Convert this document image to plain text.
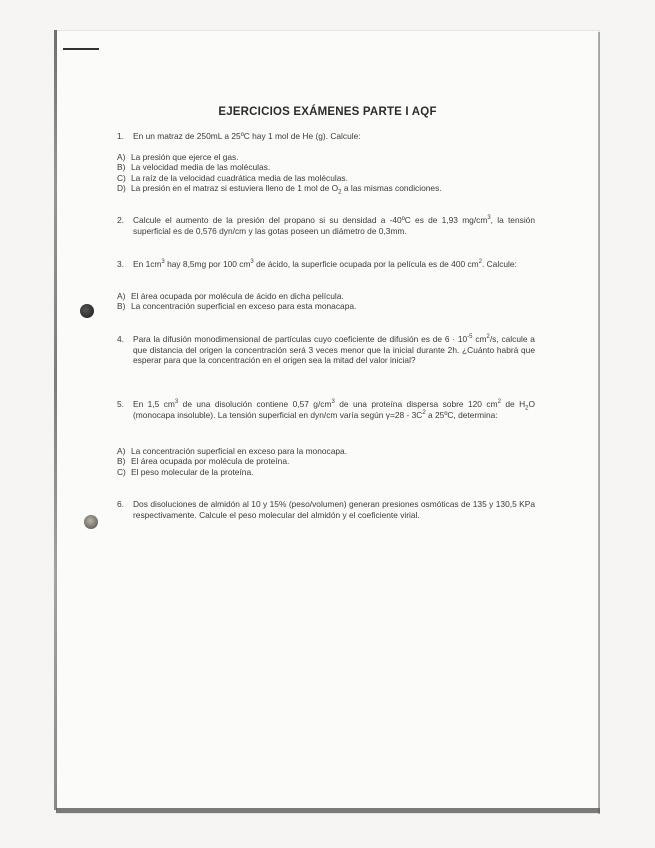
EJERCICIOS EXÁMENES PARTE I AQF
1. En un matraz de 250mL a 25ºC hay 1 mol de He (g). Calcule:
A) La presión que ejerce el gas.
B) La velocidad media de las moléculas.
C) La raíz de la velocidad cuadrática media de las moléculas.
D) La presión en el matraz si estuviera lleno de 1 mol de $O_2$ a las mismas condiciones.
2. Calcule el aumento de la presión del propano si su densidad a -40ºC es de 1,93 $mg/cm^3$, la tensión superficial es de 0,576 dyn/cm y las gotas poseen un diámetro de 0,3mm.
3. En $1cm^3$ hay 8,5mg por 100 $cm^3$ de ácido, la superficie ocupada por la película es de 400 $cm^2$. Calcule:
A) El área ocupada por molécula de ácido en dicha película.
B) La concentración superficial en exceso para esta monacapa.
4. Para la difusión monodimensional de partículas cuyo coeficiente de difusión es de $6 \cdot 10^{-5}$ $cm^2/s$, calcule a que distancia del origen la concentración será 3 veces menor que la inicial durante 2h. ¿Cuánto habrá que esperar para que la concentración en el origen sea la mitad del valor inicial?
5. En 1,5 $cm^3$ de una disolución contiene 0,57 $g/cm^3$ de una proteína dispersa sobre 120 $cm^2$ de $H_2O$ (monocapa insoluble). La tensión superficial en dyn/cm varía según $\gamma=28 - 3C^2$ a 25ºC, determina:
A) La concentración superficial en exceso para la monocapa.
B) El área ocupada por molécula de proteína.
C) El peso molecular de la proteína.
6. Dos disoluciones de almidón al 10 y 15% (peso/volumen) generan presiones osmóticas de 135 y 130,5 KPa respectivamente. Calcule el peso molecular del almidón y el coeficiente virial.
